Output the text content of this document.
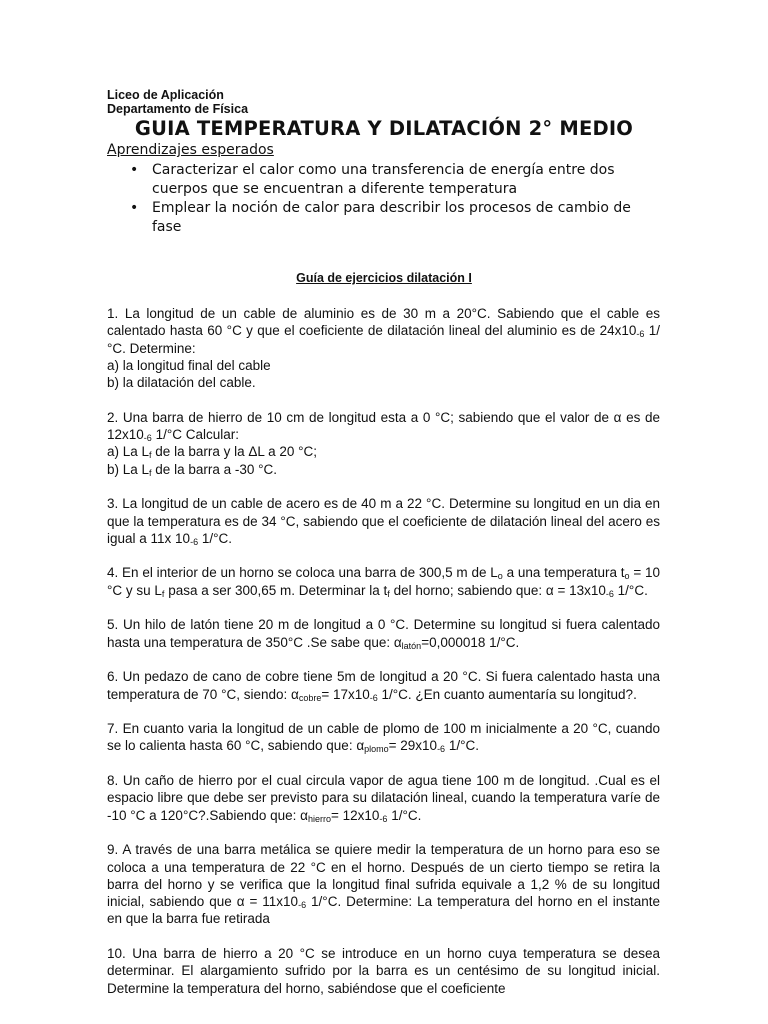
Liceo de Aplicación
Departamento de Física
GUIA TEMPERATURA Y DILATACIÓN 2° MEDIO
Aprendizajes esperados
• Caracterizar el calor como una transferencia de energía entre dos cuerpos que se encuentran a diferente temperatura
• Emplear la noción de calor para describir los procesos de cambio de fase
Guía de ejercicios dilatación I

1. La longitud de un cable de aluminio es de 30 m a 20°C. Sabiendo que el cable es calentado hasta 60 °C y que el coeficiente de dilatación lineal del aluminio es de $24x10_{-6}$ 1/°C. Determine:

a) la longitud final del cable

b) la dilatación del cable.

2. Una barra de hierro de 10 cm de longitud esta a 0 °C; sabiendo que el valor de α es de $12x10_{-6}$ 1/°C Calcular:

a) La $L_f$ de la barra y la ΔL a 20 °C;

b) La $L_f$ de la barra a -30 °C.

3. La longitud de un cable de acero es de 40 m a 22 °C. Determine su longitud en un dia en que la temperatura es de 34 °C, sabiendo que el coeficiente de dilatación lineal del acero es igual a 11x $10_{-6}$ 1/°C.

4. En el interior de un horno se coloca una barra de 300,5 m de $L_o$ a una temperatura $t_o = 10$ °C y su $L_f$ pasa a ser 300,65 m. Determinar la $t_f$ del horno; sabiendo que: $\alpha = 13x10_{-6}$ 1/°C.

5. Un hilo de latón tiene 20 m de longitud a 0 °C. Determine su longitud si fuera calentado hasta una temperatura de 350°C .Se sabe que: $\alpha_{latón}=0,000018$ 1/°C.

6. Un pedazo de cano de cobre tiene 5m de longitud a 20 °C. Si fuera calentado hasta una temperatura de 70 °C, siendo: $\alpha_{cobre}= 17x10_{-6}$ 1/°C. ¿En cuanto aumentaría su longitud?.

7. En cuanto varia la longitud de un cable de plomo de 100 m inicialmente a 20 °C, cuando se lo calienta hasta 60 °C, sabiendo que: $\alpha_{plomo}= 29x10_{-6}$ 1/°C.

8. Un caño de hierro por el cual circula vapor de agua tiene 100 m de longitud. .Cual es el espacio libre que debe ser previsto para su dilatación lineal, cuando la temperatura varíe de -10 °C a 120°C?.Sabiendo que: $\alpha_{hierro}= 12x10_{-6}$ 1/°C.

9. A través de una barra metálica se quiere medir la temperatura de un horno para eso se coloca a una temperatura de 22 °C en el horno. Después de un cierto tiempo se retira la barra del horno y se verifica que la longitud final sufrida equivale a 1,2 % de su longitud inicial, sabiendo que $\alpha = 11x10_{-6}$ 1/°C. Determine: La temperatura del horno en el instante en que la barra fue retirada

10. Una barra de hierro a 20 °C se introduce en un horno cuya temperatura se desea determinar. El alargamiento sufrido por la barra es un centésimo de su longitud inicial. Determine la temperatura del horno, sabiéndose que el coeficiente
